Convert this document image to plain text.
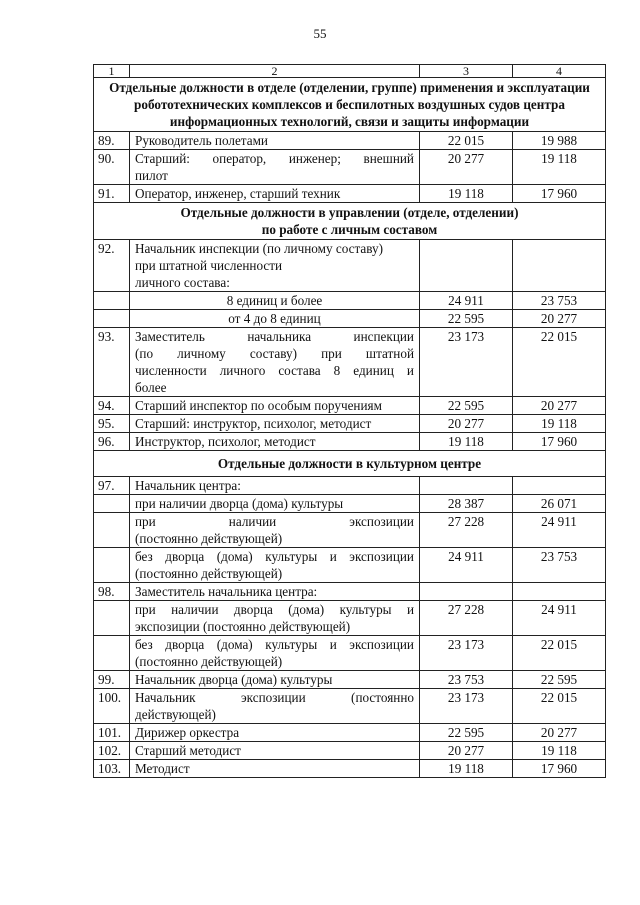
55
1	2	3	4
Отдельные должности в отделе (отделении, группе) применения и эксплуатации робототехнических комплексов и беспилотных воздушных судов центра информационных технологий, связи и защиты информации			
89.	Руководитель полетами	22 015	19 988
90.	Старший: оператор, инженер; внешний
пилот	20 277	19 118
91.	Оператор, инженер, старший техник	19 118	17 960

Отдельные должности в управлении (отделе, отделении)
по работе с личным составом			

92.	Начальник инспекции (по личному составу)
при штатной численности
личного состава:		

	8 единиц и более	24 911	23 753
	от 4 до 8 единиц	22 595	20 277
93.	Заместитель начальника инспекции
(по личному составу) при штатной
численности личного состава 8 единиц и
более	23 173	22 015
94.	Старший инспектор по особым поручениям	22 595	20 277
95.	Старший: инструктор, психолог, методист	20 277	19 118
96.	Инструктор, психолог, методист	19 118	17 960
Отдельные должности в культурном центре			
97.	Начальник центра:		
	при наличии дворца (дома) культуры	28 387	26 071

	при наличии экспозиции
(постоянно действующей)	27 228	24 911

	без дворца (дома) культуры и экспозиции
(постоянно действующей)	24 911	23 753
98.	Заместитель начальника центра:		

	при наличии дворца (дома) культуры и
экспозиции (постоянно действующей)	27 228	24 911

	без дворца (дома) культуры и экспозиции
(постоянно действующей)	23 173	22 015
99.	Начальник дворца (дома) культуры	23 753	22 595
100.	Начальник экспозиции (постоянно
действующей)	23 173	22 015
101.	Дирижер оркестра	22 595	20 277
102.	Старший методист	20 277	19 118
103.	Методист	19 118	17 960
